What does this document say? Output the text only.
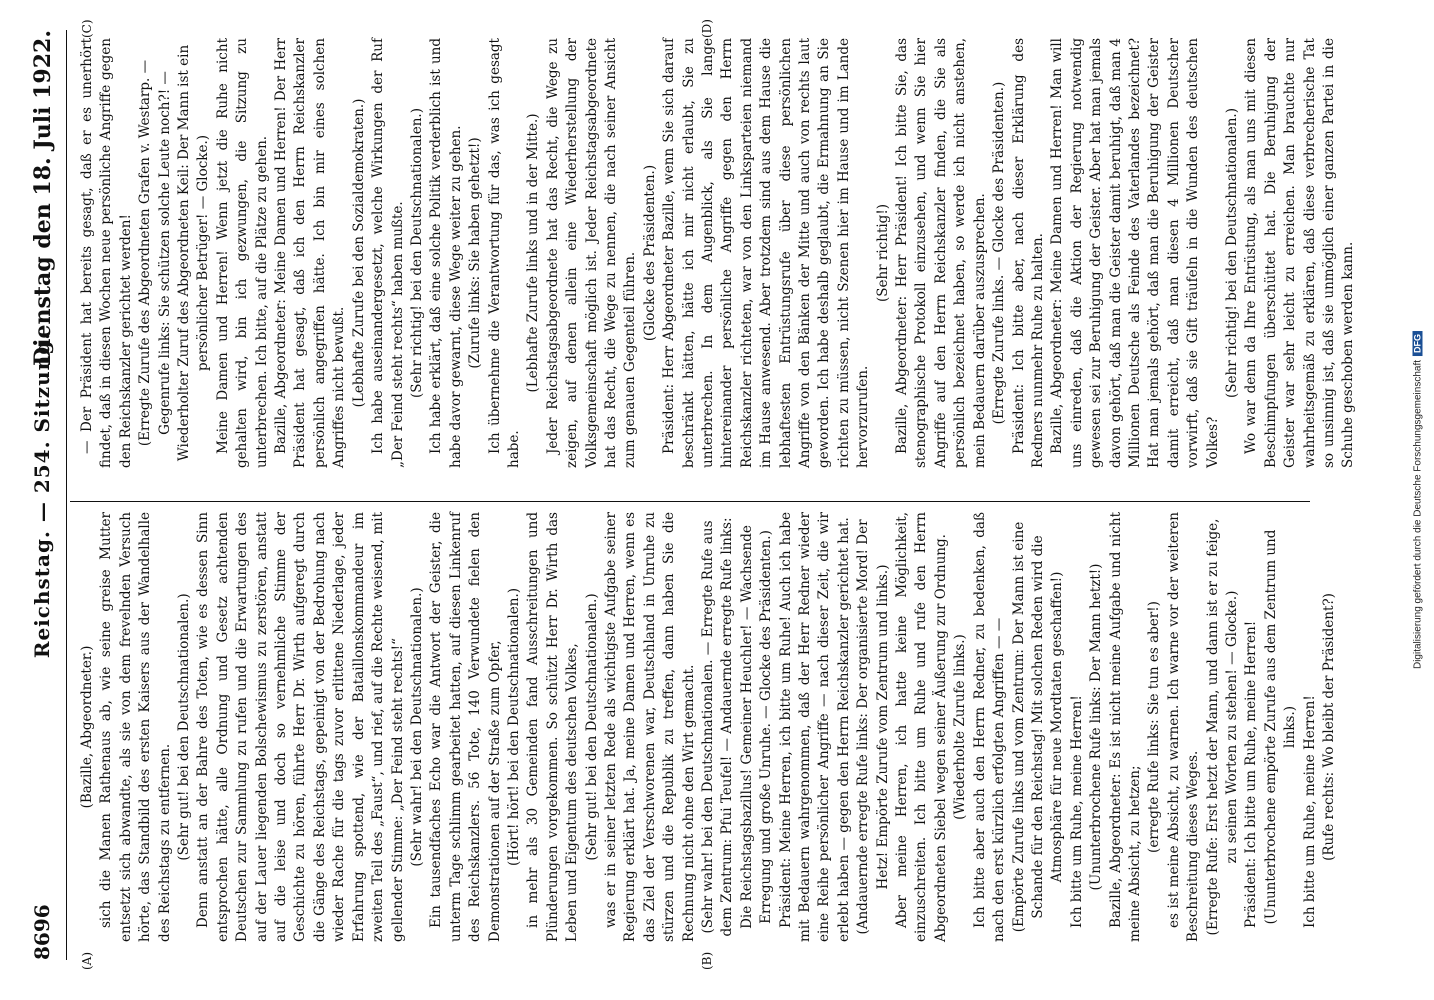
8696
Reichstag. — 254. Sitzung.
Dienstag den 18. Juli 1922.
(A)	(B)
(C)	(D)

(Bazille, Abgeordneter.) sich die Manen Rathenaus ab, wie seine greise Mutter entsetzt sich abwandte, als sie von dem frevelnden Versuch hörte, das Standbild des ersten Kaisers aus der Wandelhalle des Reichstags zu entfernen. (Sehr gut! bei den Deutschnationalen.) Denn anstatt an der Bahre des Toten, wie es dessen Sinn entsprochen hätte, alle Ordnung und Gesetz achtenden Deutschen zur Sammlung zu rufen und die Erwartungen des auf der Lauer liegenden Bolschewismus zu zerstören, anstatt auf die leise und doch so vernehmliche Stimme der Geschichte zu hören, führte Herr Dr. Wirth aufgeregt durch die Gänge des Reichstags, gepeinigt von der Bedrohung nach wieder Rache für die tags zuvor erlittene Niederlage, jeder Erfahrung spottend, wie der Bataillonskommandeur im zweiten Teil des „Faust“, und rief, auf die Rechte weisend, mit gellender Stimme: „Der Feind steht rechts!“ (Sehr wahr! bei den Deutschnationalen.) Ein tausendfaches Echo war die Antwort der Geister, die unterm Tage schlimm gearbeitet hatten, auf diesen Linkenruf des Reichskanzlers. 56 Tote, 140 Verwundete fielen den Demonstrationen auf der Straße zum Opfer, (Hört! hört! bei den Deutschnationalen.) in mehr als 30 Gemeinden fand Ausschreitungen und Plünderungen vorgekommen. So schützt Herr Dr. Wirth das Leben und Eigentum des deutschen Volkes, (Sehr gut! bei den Deutschnationalen.) was er in seiner letzten Rede als wichtigste Aufgabe seiner Regierung erklärt hat. Ja, meine Damen und Herren, wenn es das Ziel der Verschworenen war, Deutschland in Unruhe zu stürzen und die Republik zu treffen, dann haben Sie die Rechnung nicht ohne den Wirt gemacht. (Sehr wahr! bei den Deutschnationalen. — Erregte Rufe aus dem Zentrum: Pfui Teufel! — Andauernde erregte Rufe links: Die Reichstagsbazillus! Gemeiner Heuchler! — Wachsende Erregung und große Unruhe. — Glocke des Präsidenten.) Präsident: Meine Herren, ich bitte um Ruhe! Auch ich habe mit Bedauern wahrgenommen, daß der Herr Redner wieder eine Reihe persönlicher Angriffe — nach dieser Zeit, die wir erlebt haben — gegen den Herrn Reichskanzler gerichtet hat. (Andauernde erregte Rufe links: Der organisierte Mord! Der Hetz! Empörte Zurufe vom Zentrum und links.) Aber meine Herren, ich hatte keine Möglichkeit, einzuschreiten. Ich bitte um Ruhe und rufe den Herrn Abgeordneten Siebel wegen seiner Äußerung zur Ordnung. (Wiederholte Zurufe links.) Ich bitte aber auch den Herrn Redner, zu bedenken, daß nach den erst kürzlich erfolgten Angriffen — — (Empörte Zurufe links und vom Zentrum: Der Mann ist eine Schande für den Reichstag! Mit solchen Reden wird die Atmosphäre für neue Mordtaten geschaffen!) Ich bitte um Ruhe, meine Herren! (Ununterbrochene Rufe links: Der Mann hetzt!) Bazille, Abgeordneter: Es ist nicht meine Aufgabe und nicht meine Absicht, zu hetzen;

(erregte Rufe links: Sie tun es aber!) es ist meine Absicht, zu warnen. Ich warne vor der weiteren Beschreitung dieses Weges. (Erregte Rufe: Erst hetzt der Mann, und dann ist er zu feige, zu seinen Worten zu stehen! — Glocke.) Präsident: Ich bitte um Ruhe, meine Herren! (Ununterbrochene empörte Zurufe aus dem Zentrum und links.) Ich bitte um Ruhe, meine Herren! (Rufe rechts: Wo bleibt der Präsident?)

— Der Präsident hat bereits gesagt, daß er es unerhört findet, daß in diesen Wochen neue persönliche Angriffe gegen den Reichskanzler gerichtet werden! (Erregte Zurufe des Abgeordneten Grafen v. Westarp. — Gegenrufe links: Sie schützen solche Leute noch?! — Wiederholter Zuruf des Abgeordneten Keil: Der Mann ist ein persönlicher Betrüger! — Glocke.) Meine Damen und Herren! Wenn jetzt die Ruhe nicht gehalten wird, bin ich gezwungen, die Sitzung zu unterbrechen. Ich bitte, auf die Plätze zu gehen. Bazille, Abgeordneter: Meine Damen und Herren! Der Herr Präsident hat gesagt, daß ich den Herrn Reichskanzler persönlich angegriffen hätte. Ich bin mir eines solchen Angriffes nicht bewußt. (Lebhafte Zurufe bei den Sozialdemokraten.) Ich habe auseinandergesetzt, welche Wirkungen der Ruf „Der Feind steht rechts“ haben mußte. (Sehr richtig! bei den Deutschnationalen.) Ich habe erklärt, daß eine solche Politik verderblich ist und habe davor gewarnt, diese Wege weiter zu gehen. (Zurufe links: Sie haben gehetzt!) Ich übernehme die Verantwortung für das, was ich gesagt habe.

(Lebhafte Zurufe links und in der Mitte.) Jeder Reichstagsabgeordnete hat das Recht, die Wege zu zeigen, auf denen allein eine Wiederherstellung der Volksgemeinschaft möglich ist. Jeder Reichstagsabgeordnete hat das Recht, die Wege zu nennen, die nach seiner Ansicht zum genauen Gegenteil führen. (Glocke des Präsidenten.) Präsident: Herr Abgeordneter Bazille, wenn Sie sich darauf beschränkt hätten, hätte ich mir nicht erlaubt, Sie zu unterbrechen. In dem Augenblick, als Sie lange hintereinander persönliche Angriffe gegen den Herrn Reichskanzler richteten, war von den Linksparteien niemand im Hause anwesend. Aber trotzdem sind aus dem Hause die lebhaftesten Entrüstungsrufe über diese persönlichen Angriffe von den Bänken der Mitte und auch von rechts laut geworden. Ich habe deshalb geglaubt, die Ermahnung an Sie richten zu müssen, nicht Szenen hier im Hause und im Lande hervorzurufen.

(Sehr richtig!) Bazille, Abgeordneter: Herr Präsident! Ich bitte Sie, das stenographische Protokoll einzusehen, und wenn Sie hier Angriffe auf den Herrn Reichskanzler finden, die Sie als persönlich bezeichnet haben, so werde ich nicht anstehen, mein Bedauern darüber auszusprechen. (Erregte Zurufe links. — Glocke des Präsidenten.) Präsident: Ich bitte aber, nach dieser Erklärung des Redners nunmehr Ruhe zu halten. Bazille, Abgeordneter: Meine Damen und Herren! Man will uns einreden, daß die Aktion der Regierung notwendig gewesen sei zur Beruhigung der Geister. Aber hat man jemals davon gehört, daß man die Geister damit beruhigt, daß man 4 Millionen Deutsche als Feinde des Vaterlandes bezeichnet? Hat man jemals gehört, daß man die Beruhigung der Geister damit erreicht, daß man diesen 4 Millionen Deutscher vorwirft, daß sie Gift träufeln in die Wunden des deutschen Volkes?

(Sehr richtig! bei den Deutschnationalen.) Wo war denn da Ihre Entrüstung, als man uns mit diesen Beschimpfungen überschüttet hat. Die Beruhigung der Geister war sehr leicht zu erreichen. Man brauchte nur wahrheitsgemäß zu erklären, daß diese verbrecherische Tat so unsinnig ist, daß sie unmöglich einer ganzen Partei in die Schuhe geschoben werden kann.

Digitalisierung gefördert durch die Deutsche ForschungsgemeinschaftDFG
